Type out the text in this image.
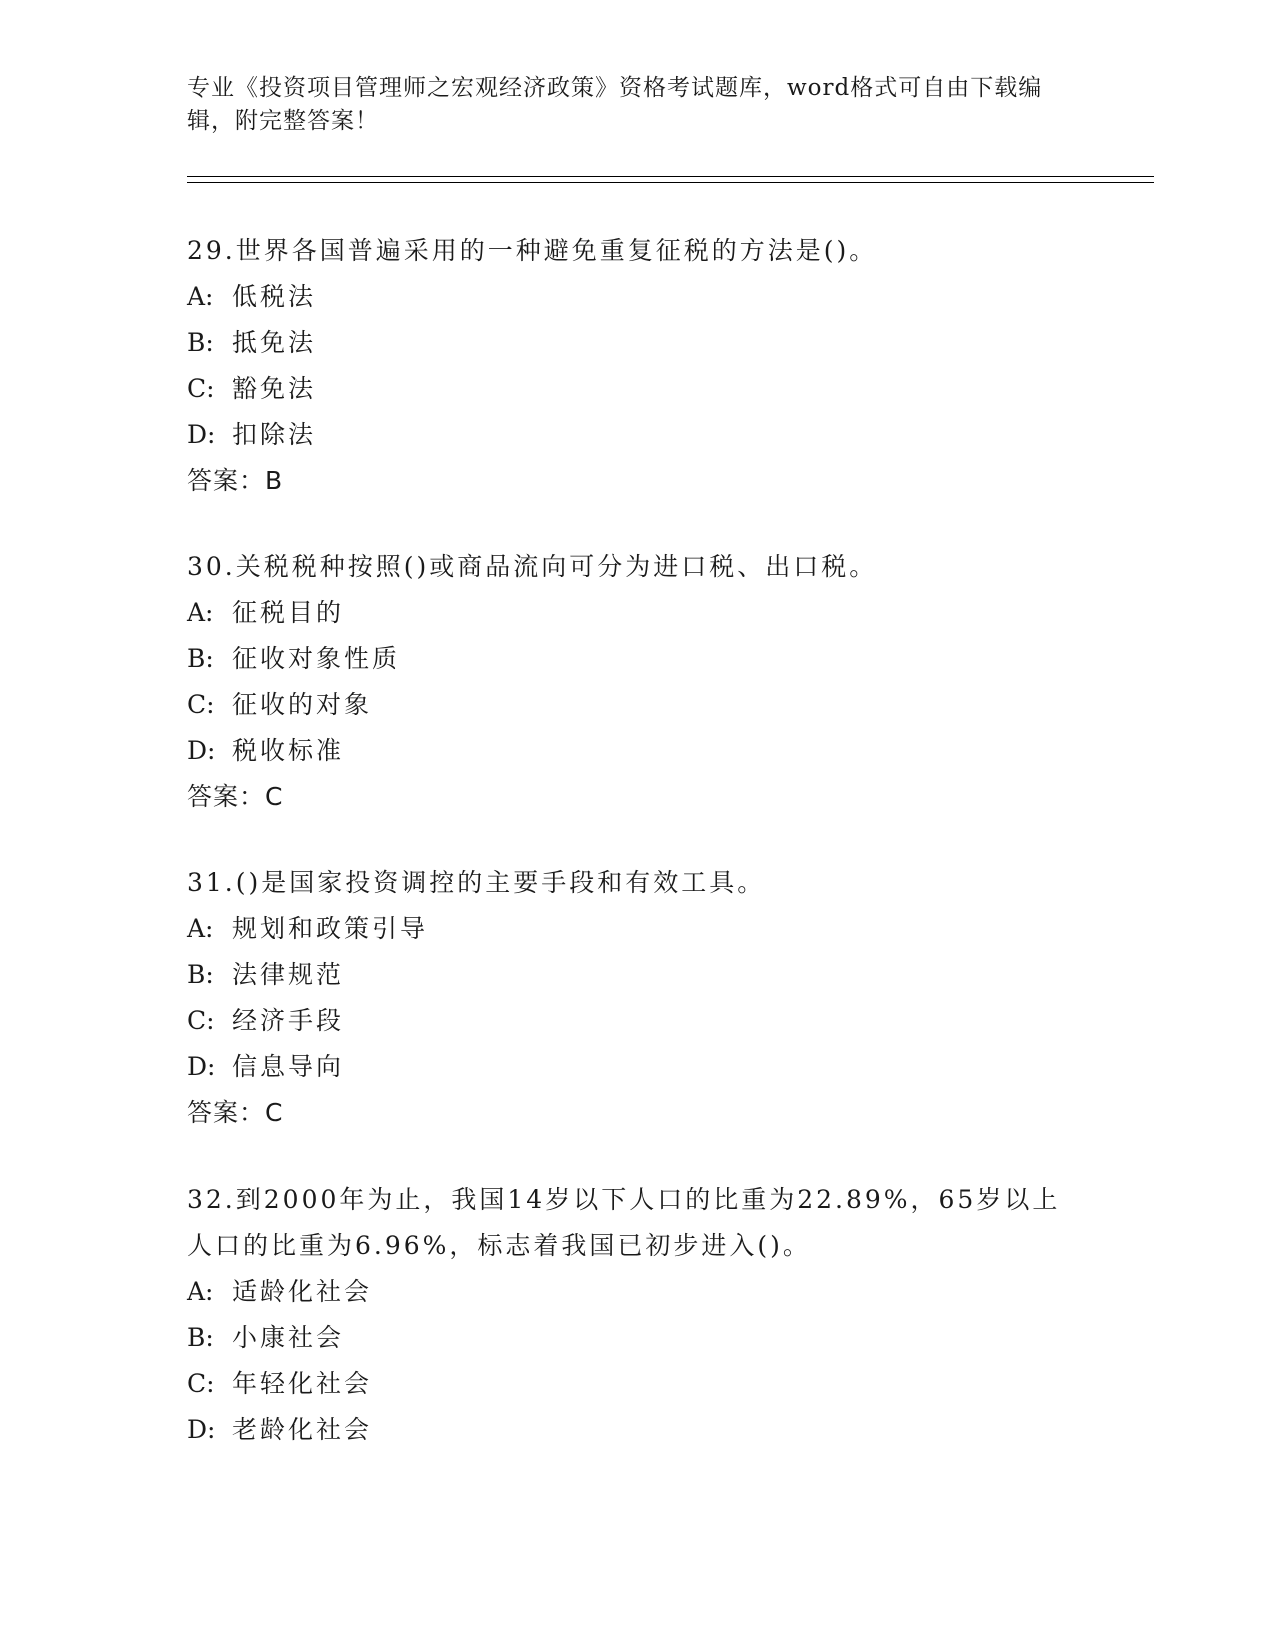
专业《投资项目管理师之宏观经济政策》资格考试题库，word格式可自由下载编
辑，附完整答案！
29.世界各国普遍采用的一种避免重复征税的方法是()。
A: 低税法
B: 抵免法
C: 豁免法
D: 扣除法
答案：B
30.关税税种按照()或商品流向可分为进口税、出口税。
A: 征税目的
B: 征收对象性质
C: 征收的对象
D: 税收标准
答案：C
31.()是国家投资调控的主要手段和有效工具。
A: 规划和政策引导
B: 法律规范
C: 经济手段
D: 信息导向
答案：C
32.到2000年为止，我国14岁以下人口的比重为22.89%，65岁以上
人口的比重为6.96%，标志着我国已初步进入()。
A: 适龄化社会
B: 小康社会
C: 年轻化社会
D: 老龄化社会
